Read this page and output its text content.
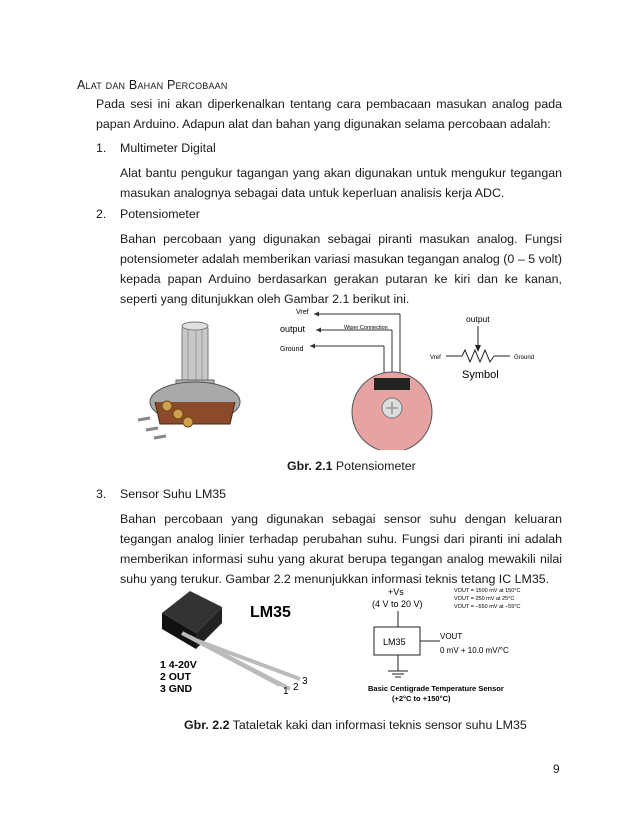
Alat dan Bahan Percobaan
Pada sesi ini akan diperkenalkan tentang cara pembacaan masukan analog pada papan Arduino. Adapun alat dan bahan yang digunakan selama percobaan adalah:
1. Multimeter Digital
Alat bantu pengukur tagangan yang akan digunakan untuk mengukur tegangan masukan analognya sebagai data untuk keperluan analisis kerja ADC.
2. Potensiometer
Bahan percobaan yang digunakan sebagai piranti masukan analog. Fungsi potensiometer adalah memberikan variasi masukan tegangan analog (0 – 5 volt) kepada papan Arduino berdasarkan gerakan putaran ke kiri dan ke kanan, seperti yang ditunjukkan oleh Gambar 2.1 berikut ini.
Vref
output
Ground
Wiper Connection
output
Vref	Ground
Symbol
Gbr. 2.1 Potensiometer
3. Sensor Suhu LM35
Bahan percobaan yang digunakan sebagai sensor suhu dengan keluaran tegangan analog linier terhadap perubahan suhu. Fungsi dari piranti ini adalah memberikan informasi suhu yang akurat berupa tegangan analog mewakili nilai suhu yang terukur. Gambar 2.2 menunjukkan informasi teknis tetang IC LM35.
LM35
1 4-20V
2 OUT
3 GND	1 2
3
+Vs
(4 V to 20 V)
VOUT = 1500 mV at 150°C
VOUT = 250 mV at 25°C
VOUT = –550 mV at –55°C
LM35
VOUT
0 mV + 10.0 mV/°C
Basic Centigrade Temperature Sensor
(+2°C to +150°C)
Gbr. 2.2 Tataletak kaki dan informasi teknis sensor suhu LM35
9
